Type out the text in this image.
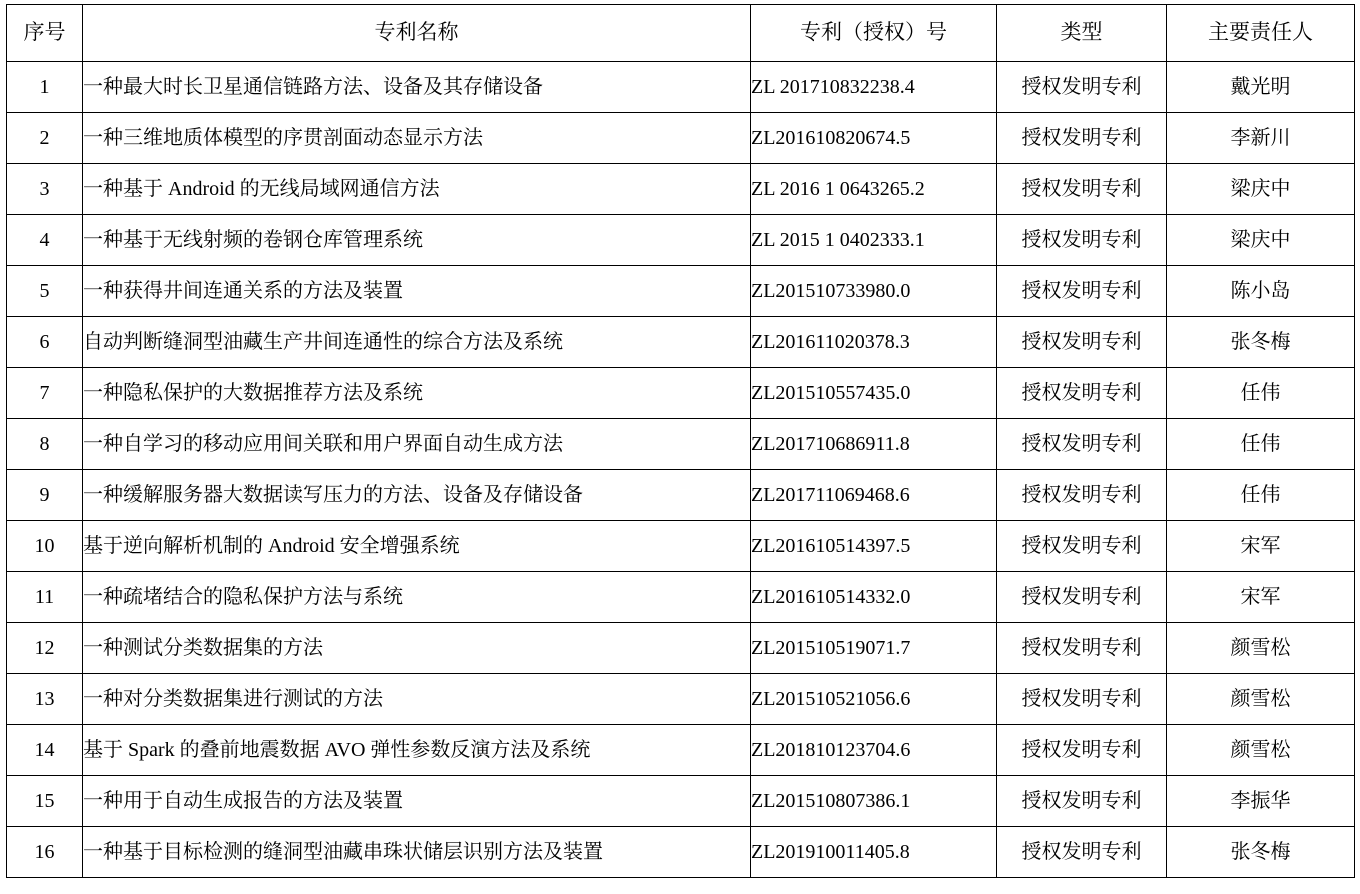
序号	专利名称	专利（授权）号	类型	主要责任人
1	一种最大时长卫星通信链路方法、设备及其存储设备	ZL 201710832238.4	授权发明专利	戴光明
2	一种三维地质体模型的序贯剖面动态显示方法	ZL201610820674.5	授权发明专利	李新川
3	一种基于 Android 的无线局域网通信方法	ZL 2016 1 0643265.2	授权发明专利	梁庆中
4	一种基于无线射频的卷钢仓库管理系统	ZL 2015 1 0402333.1	授权发明专利	梁庆中
5	一种获得井间连通关系的方法及装置	ZL201510733980.0	授权发明专利	陈小岛
6	自动判断缝洞型油藏生产井间连通性的综合方法及系统	ZL201611020378.3	授权发明专利	张冬梅
7	一种隐私保护的大数据推荐方法及系统	ZL201510557435.0	授权发明专利	任伟
8	一种自学习的移动应用间关联和用户界面自动生成方法	ZL201710686911.8	授权发明专利	任伟
9	一种缓解服务器大数据读写压力的方法、设备及存储设备	ZL201711069468.6	授权发明专利	任伟
10	基于逆向解析机制的 Android 安全增强系统	ZL201610514397.5	授权发明专利	宋军
11	一种疏堵结合的隐私保护方法与系统	ZL201610514332.0	授权发明专利	宋军
12	一种测试分类数据集的方法	ZL201510519071.7	授权发明专利	颜雪松
13	一种对分类数据集进行测试的方法	ZL201510521056.6	授权发明专利	颜雪松
14	基于 Spark 的叠前地震数据 AVO 弹性参数反演方法及系统	ZL201810123704.6	授权发明专利	颜雪松
15	一种用于自动生成报告的方法及装置	ZL201510807386.1	授权发明专利	李振华
16	一种基于目标检测的缝洞型油藏串珠状储层识别方法及装置	ZL201910011405.8	授权发明专利	张冬梅
